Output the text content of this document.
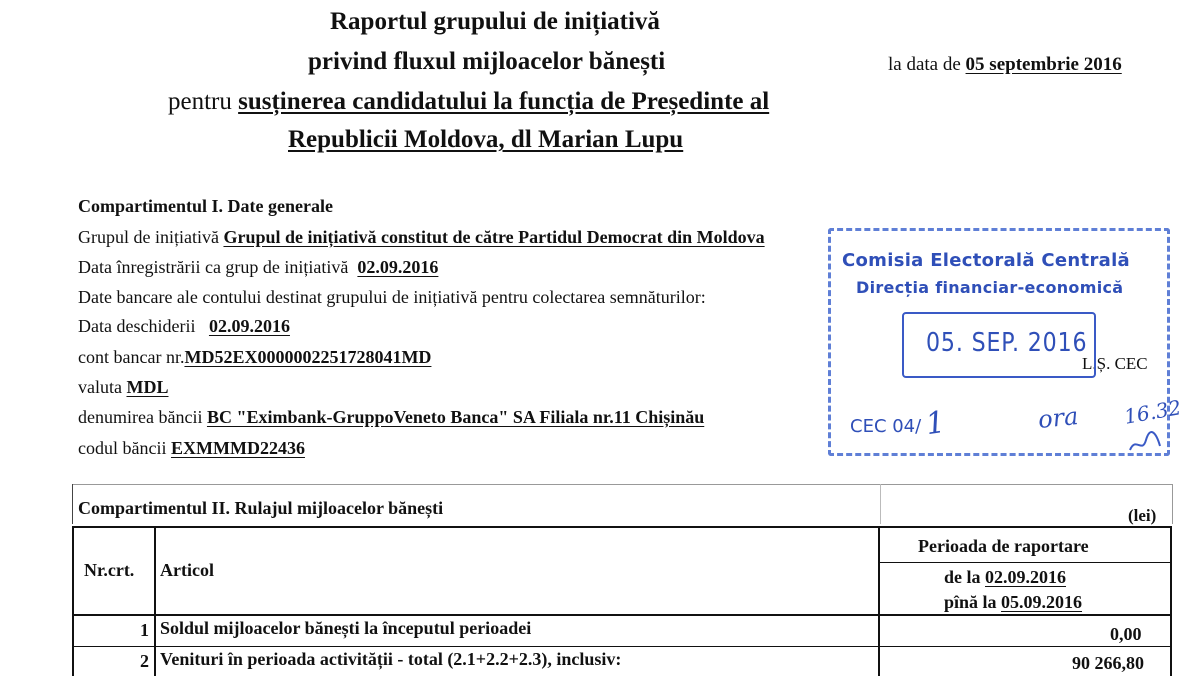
Raportul grupului de inițiativă
privind fluxul mijloacelor bănești	la data de 05 septembrie 2016
pentru susținerea candidatului la funcția de Președinte al
Republicii Moldova, dl Marian Lupu
Compartimentul I. Date generale
Grupul de inițiativă Grupul de inițiativă constitut de către Partidul Democrat din Moldova
Data înregistrării ca grup de inițiativă 02.09.2016
Date bancare ale contului destinat grupului de inițiativă pentru colectarea semnăturilor:
Data deschiderii 02.09.2016
cont bancar nr.MD52EX0000002251728041MD
valuta MDL
denumirea băncii BC "Eximbank-GruppoVeneto Banca" SA Filiala nr.11 Chișinău
codul băncii EXMMMD22436
L.Ș. CEC
Comisia Electorală Centrală
Direcția financiar-economică
05. SEP. 2016
CEC 04/ 1	ora 16.32
Compartimentul II. Rulajul mijloacelor bănești	(lei)
Nr.crt. Articol
Perioada de raportare
de la 02.09.2016
pînă la 05.09.2016
1 Soldul mijloacelor bănești la începutul perioadei	0,00
2 Venituri în perioada activității - total (2.1+2.2+2.3), inclusiv:	90 266,80
